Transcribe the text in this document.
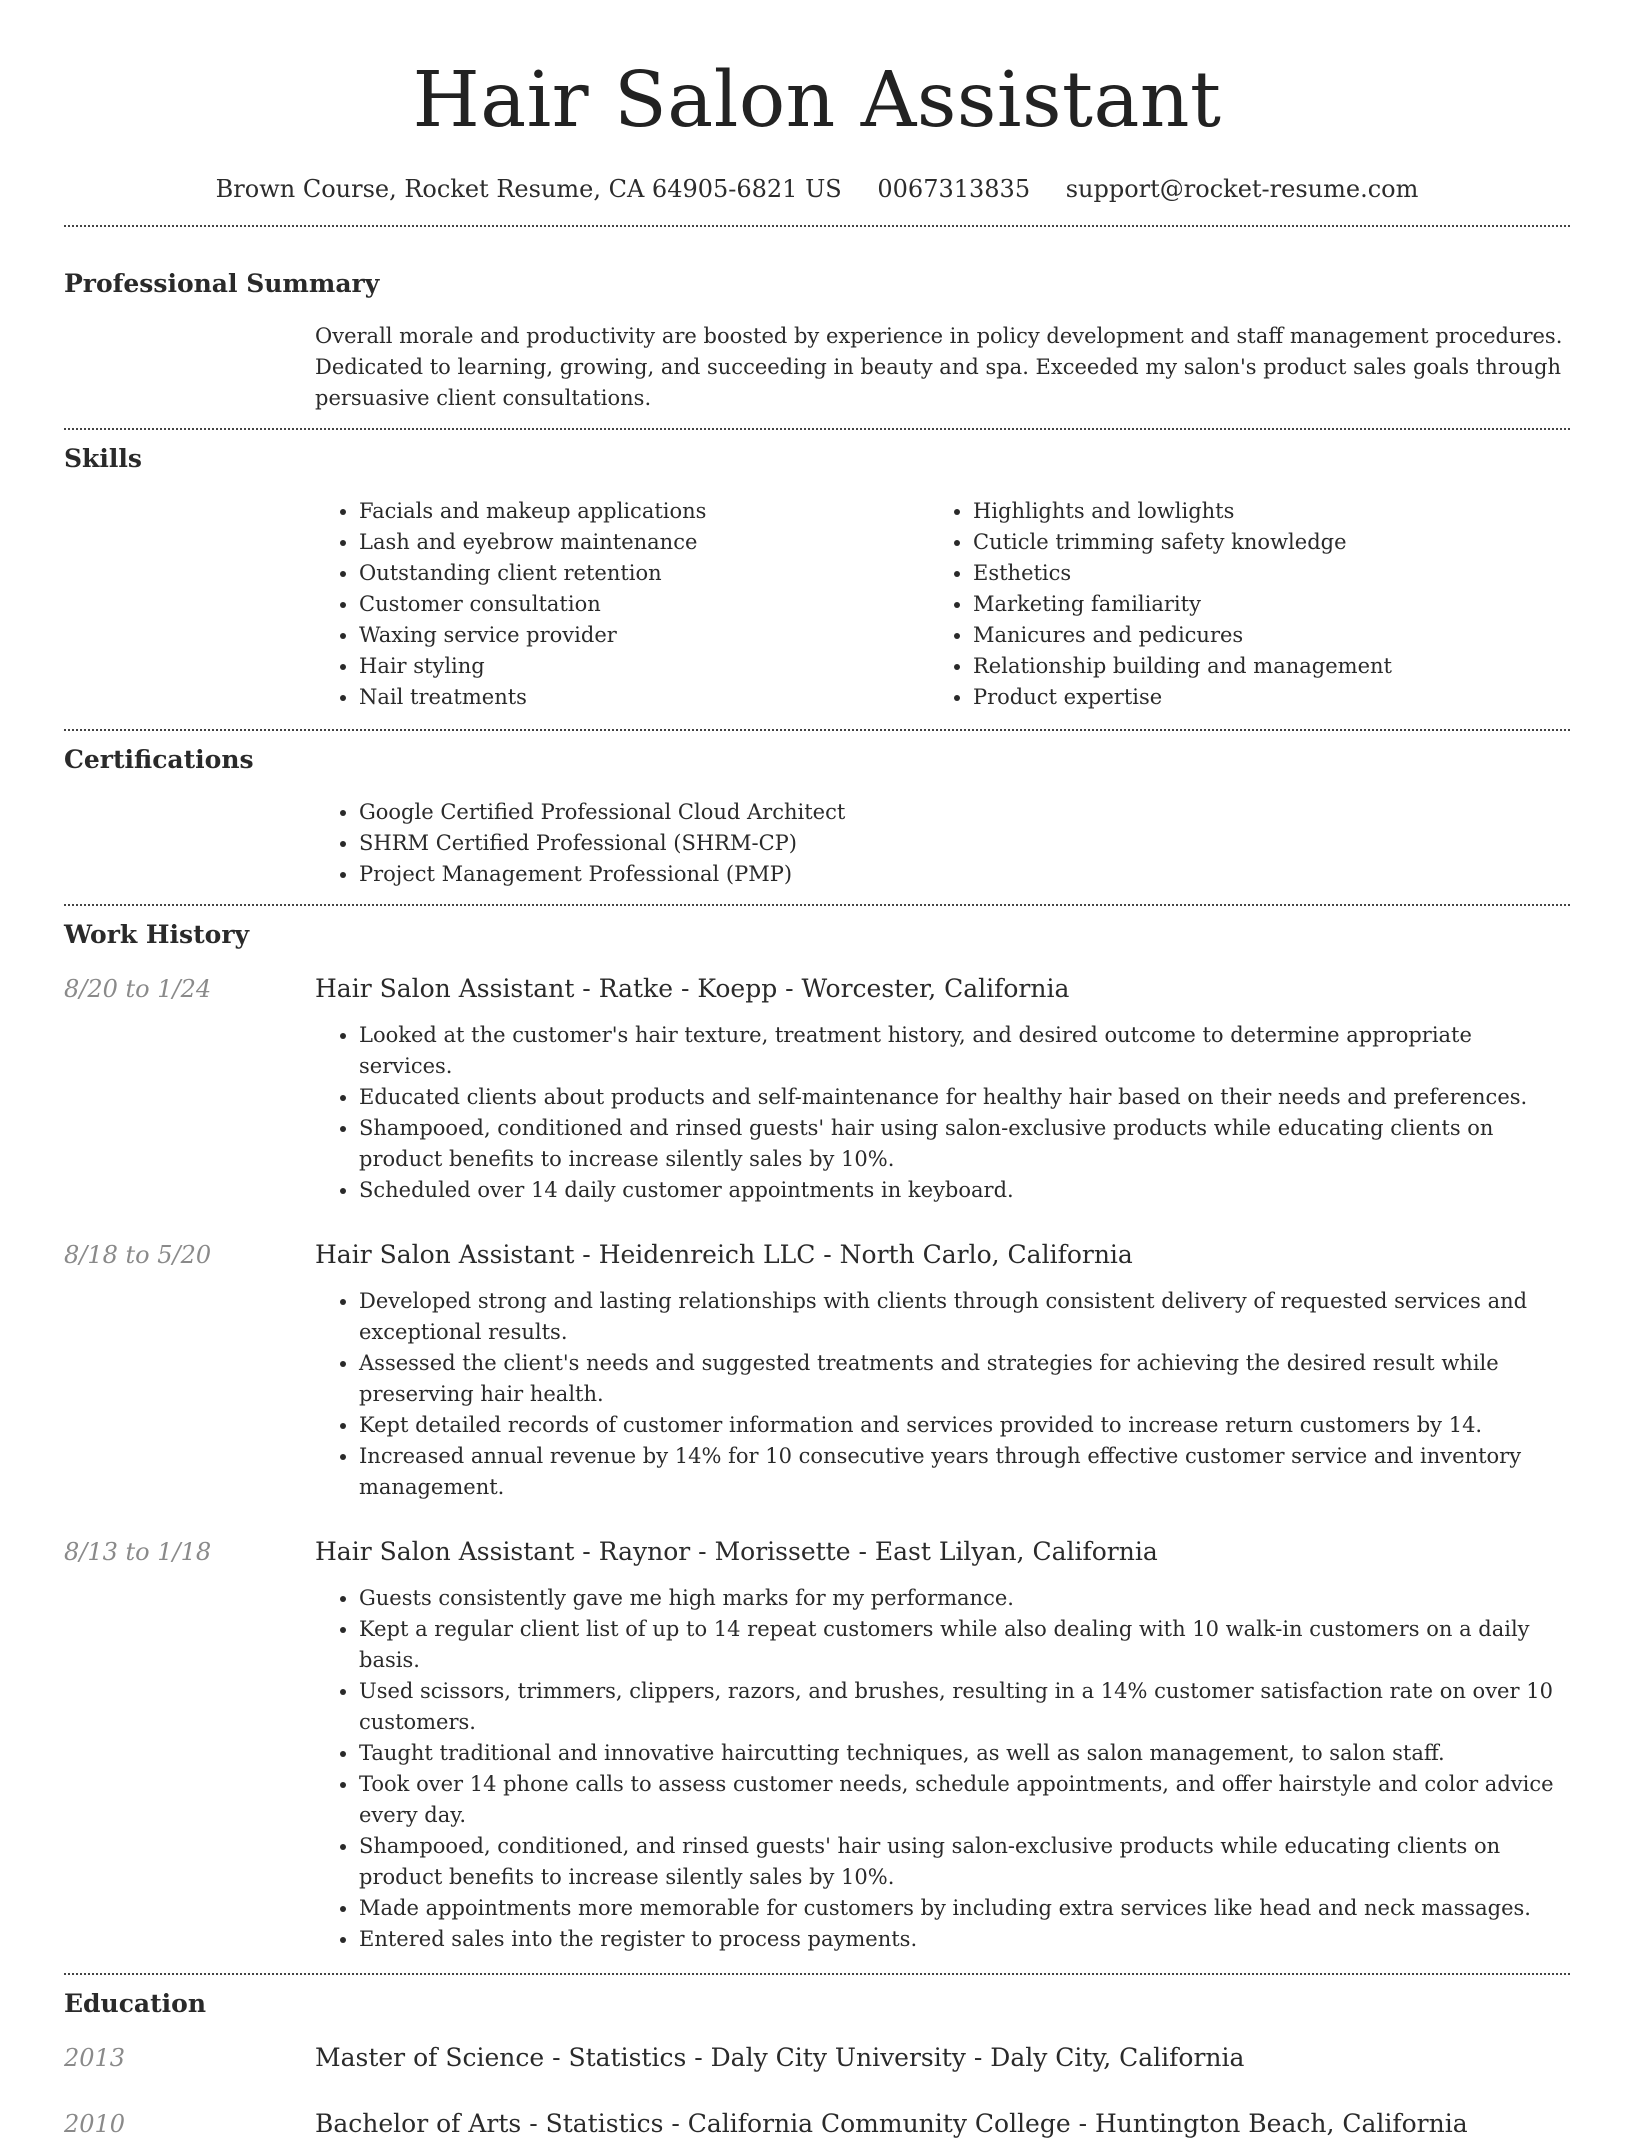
Hair Salon Assistant
Brown Course, Rocket Resume, CA 64905-6821 US 0067313835 support@rocket-resume.com
Professional Summary

Overall morale and productivity are boosted by experience in policy development and staff management procedures. Dedicated to learning, growing, and succeeding in beauty and spa. Exceeded my salon's product sales goals through persuasive client consultations.

Skills
• Facials and makeup applications
• Lash and eyebrow maintenance
• Outstanding client retention
• Customer consultation
• Waxing service provider
• Hair styling
• Nail treatments
• Highlights and lowlights
• Cuticle trimming safety knowledge
• Esthetics
• Marketing familiarity
• Manicures and pedicures
• Relationship building and management
• Product expertise
Certifications
• Google Certified Professional Cloud Architect
• SHRM Certified Professional (SHRM-CP)
• Project Management Professional (PMP)
Work History
8/20 to 1/24	Hair Salon Assistant - Ratke - Koepp - Worcester, California
• Looked at the customer's hair texture, treatment history, and desired outcome to determine appropriate services.
• Educated clients about products and self-maintenance for healthy hair based on their needs and preferences.
• Shampooed, conditioned and rinsed guests' hair using salon-exclusive products while educating clients on product benefits to increase silently sales by 10%.
• Scheduled over 14 daily customer appointments in keyboard.
8/18 to 5/20	Hair Salon Assistant - Heidenreich LLC - North Carlo, California
• Developed strong and lasting relationships with clients through consistent delivery of requested services and exceptional results.
• Assessed the client's needs and suggested treatments and strategies for achieving the desired result while preserving hair health.
• Kept detailed records of customer information and services provided to increase return customers by 14.
• Increased annual revenue by 14% for 10 consecutive years through effective customer service and inventory management.
8/13 to 1/18	Hair Salon Assistant - Raynor - Morissette - East Lilyan, California
• Guests consistently gave me high marks for my performance.
• Kept a regular client list of up to 14 repeat customers while also dealing with 10 walk-in customers on a daily basis.
• Used scissors, trimmers, clippers, razors, and brushes, resulting in a 14% customer satisfaction rate on over 10 customers.
• Taught traditional and innovative haircutting techniques, as well as salon management, to salon staff.
• Took over 14 phone calls to assess customer needs, schedule appointments, and offer hairstyle and color advice every day.
• Shampooed, conditioned, and rinsed guests' hair using salon-exclusive products while educating clients on product benefits to increase silently sales by 10%.
• Made appointments more memorable for customers by including extra services like head and neck massages.
• Entered sales into the register to process payments.
Education
2013	Master of Science - Statistics - Daly City University - Daly City, California
2010	Bachelor of Arts - Statistics - California Community College - Huntington Beach, California
